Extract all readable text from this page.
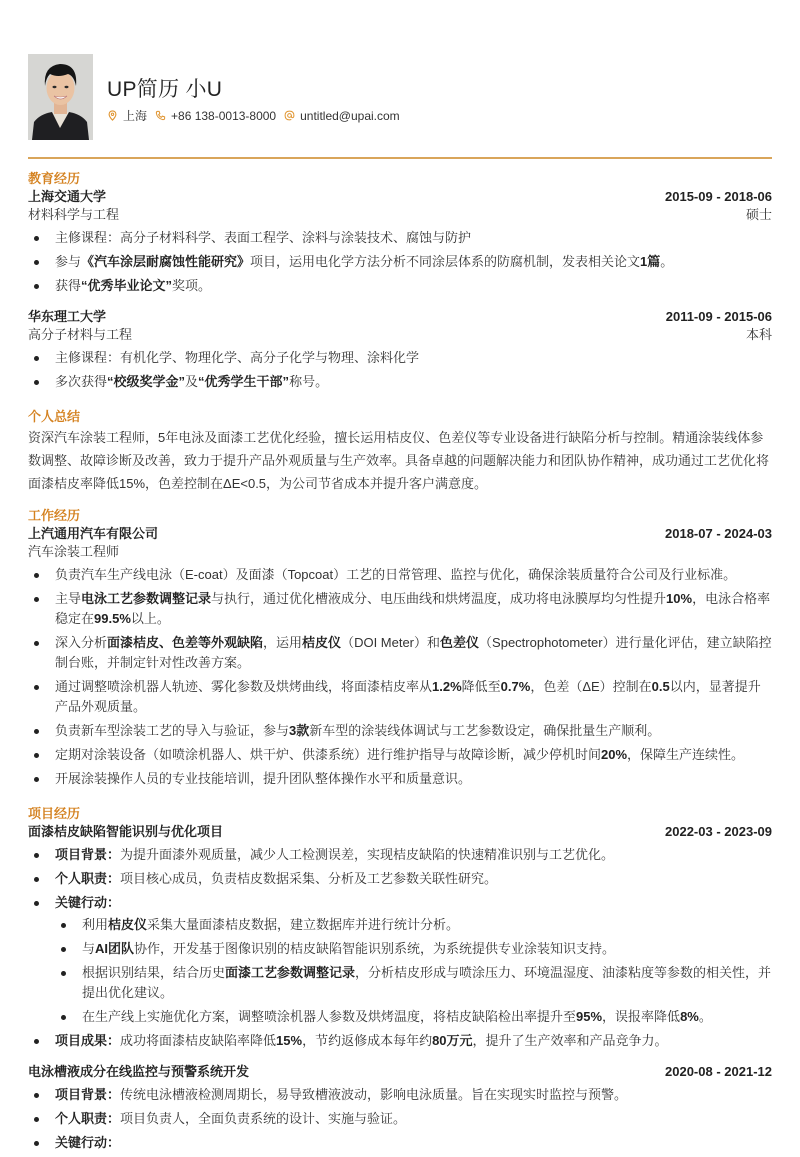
UP简历 小U
上海 +86 138-0013-8000 untitled@upai.com
教育经历
上海交通大学	2015-09 - 2018-06
材料科学与工程	硕士
主修课程：高分子材料科学、表面工程学、涂料与涂装技术、腐蚀与防护
参与《汽车涂层耐腐蚀性能研究》项目，运用电化学方法分析不同涂层体系的防腐机制，发表相关论文1篇。
获得“优秀毕业论文”奖项。
华东理工大学	2011-09 - 2015-06
高分子材料与工程	本科
主修课程：有机化学、物理化学、高分子化学与物理、涂料化学
多次获得“校级奖学金”及“优秀学生干部”称号。
个人总结
资深汽车涂装工程师，5年电泳及面漆工艺优化经验，擅长运用桔皮仪、色差仪等专业设备进行缺陷分析与控制。精通涂装线体参数调整、故障诊断及改善，致力于提升产品外观质量与生产效率。具备卓越的问题解决能力和团队协作精神，成功通过工艺优化将面漆桔皮率降低15%，色差控制在ΔE<0.5，为公司节省成本并提升客户满意度。
工作经历
上汽通用汽车有限公司	2018-07 - 2024-03
汽车涂装工程师
负责汽车生产线电泳（E-coat）及面漆（Topcoat）工艺的日常管理、监控与优化，确保涂装质量符合公司及行业标准。
主导电泳工艺参数调整记录与执行，通过优化槽液成分、电压曲线和烘烤温度，成功将电泳膜厚均匀性提升10%，电泳合格率稳定在99.5%以上。
深入分析面漆桔皮、色差等外观缺陷，运用桔皮仪（DOI Meter）和色差仪（Spectrophotometer）进行量化评估，建立缺陷控制台账，并制定针对性改善方案。
通过调整喷涂机器人轨迹、雾化参数及烘烤曲线，将面漆桔皮率从1.2%降低至0.7%，色差（ΔE）控制在0.5以内，显著提升产品外观质量。
负责新车型涂装工艺的导入与验证，参与3款新车型的涂装线体调试与工艺参数设定，确保批量生产顺利。
定期对涂装设备（如喷涂机器人、烘干炉、供漆系统）进行维护指导与故障诊断，减少停机时间20%，保障生产连续性。
开展涂装操作人员的专业技能培训，提升团队整体操作水平和质量意识。
项目经历
面漆桔皮缺陷智能识别与优化项目	2022-03 - 2023-09
项目背景：为提升面漆外观质量，减少人工检测误差，实现桔皮缺陷的快速精准识别与工艺优化。
个人职责：项目核心成员，负责桔皮数据采集、分析及工艺参数关联性研究。
关键行动：
利用桔皮仪采集大量面漆桔皮数据，建立数据库并进行统计分析。
与AI团队协作，开发基于图像识别的桔皮缺陷智能识别系统，为系统提供专业涂装知识支持。
根据识别结果，结合历史面漆工艺参数调整记录，分析桔皮形成与喷涂压力、环境温湿度、油漆粘度等参数的相关性，并提出优化建议。
在生产线上实施优化方案，调整喷涂机器人参数及烘烤温度，将桔皮缺陷检出率提升至95%，误报率降低8%。
项目成果：成功将面漆桔皮缺陷率降低15%，节约返修成本每年约80万元，提升了生产效率和产品竞争力。
电泳槽液成分在线监控与预警系统开发	2020-08 - 2021-12
项目背景：传统电泳槽液检测周期长，易导致槽液波动，影响电泳质量。旨在实现实时监控与预警。
个人职责：项目负责人，全面负责系统的设计、实施与验证。
关键行动：
